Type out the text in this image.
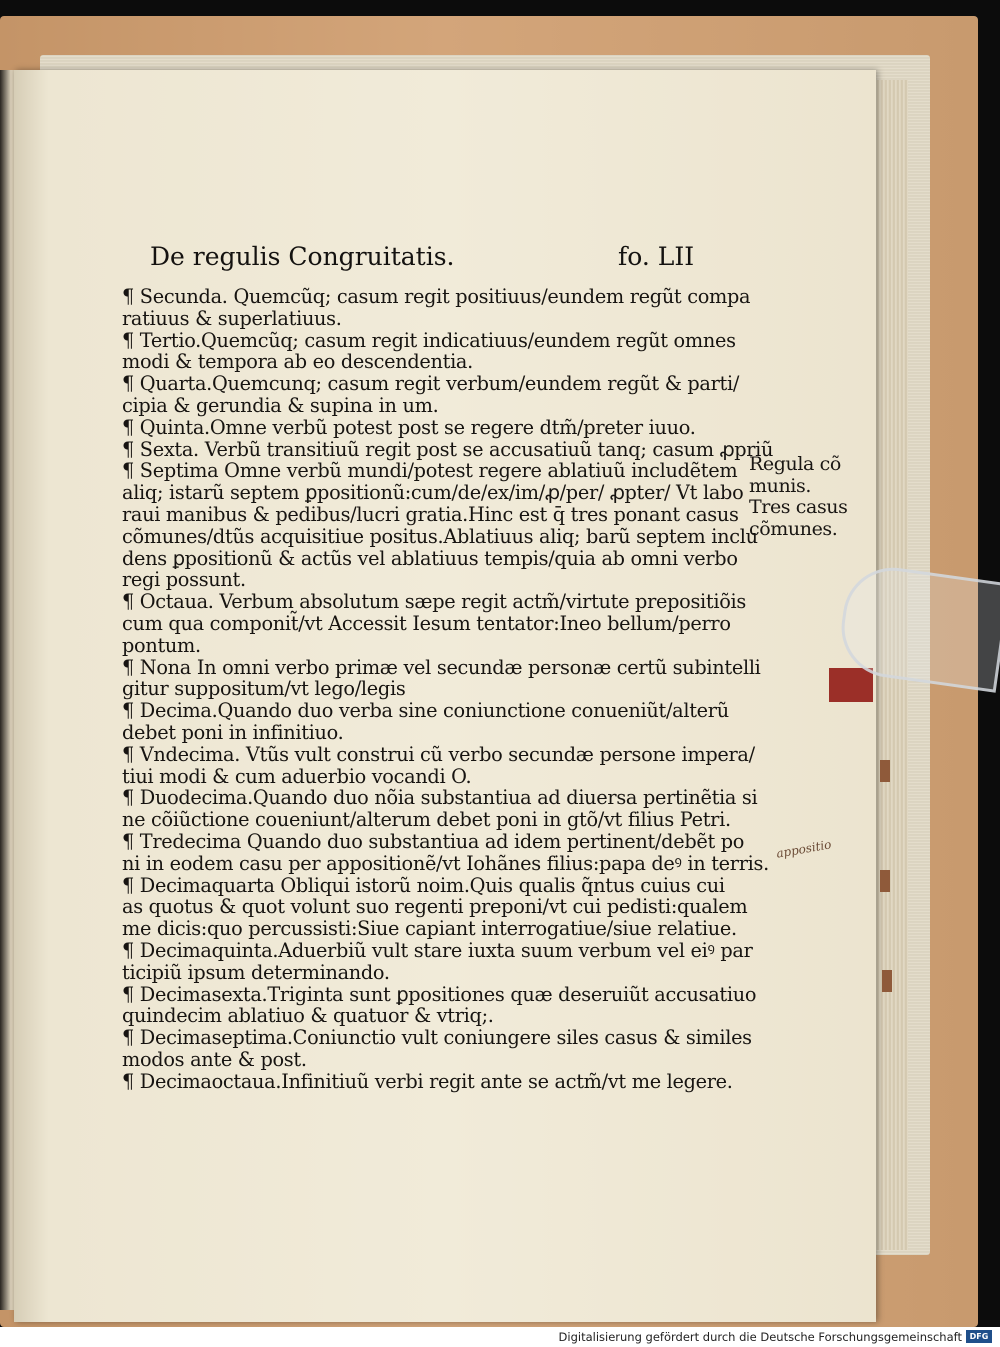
De regulis Congruitatis.	fo. LII
¶ Secunda. Quemcũq; casum regit positiuus/eundem regũt compa
ratiuus & superlatiuus.
¶ Tertio.Quemcũq; casum regit indicatiuus/eundem regũt omnes
modi & tempora ab eo descendentia.
¶ Quarta.Quemcunq; casum regit verbum/eundem regũt & parti/
cipia & gerundia & supina in um.
¶ Quinta.Omne verbũ potest post se regere dtm̃/preter iuuo.
¶ Sexta. Verbũ transitiuũ regit post se accusatiuũ tanq; casum ꝓpriũ
¶ Septima Omne verbũ mundi/potest regere ablatiuũ includẽtem
aliq; istarũ septem ꝑpositionũ:cum/de/ex/im/ꝓ/per/ ꝓpter/ Vt labo
raui manibus & pedibus/lucri gratia.Hinc est q̄ tres ponant casus
cõmunes/dtũs acquisitiue positus.Ablatiuus aliq; barũ septem inclu
dens ꝑpositionũ & actũs vel ablatiuus tempis/quia ab omni verbo
regi possunt.
¶ Octaua. Verbum absolutum sæpe regit actm̃/virtute prepositiõis
cum qua componit̃/vt Accessit Iesum tentator:Ineo bellum/perro
pontum.
¶ Nona In omni verbo primæ vel secundæ personæ certũ subintelli
gitur suppositum/vt lego/legis
¶ Decima.Quando duo verba sine coniunctione conueniũt/alterũ
debet poni in infinitiuo.
¶ Vndecima. Vtũs vult construi cũ verbo secundæ persone impera/
tiui modi & cum aduerbio vocandi O.
¶ Duodecima.Quando duo nõia substantiua ad diuersa pertinẽtia si
ne cõiũctione coueniunt/alterum debet poni in gtõ/vt filius Petri.
¶ Tredecima Quando duo substantiua ad idem pertinent/debẽt po
ni in eodem casu per appositionẽ/vt Iohãnes filius:papa deꝰ in terris.
¶ Decimaquarta Obliqui istorũ noim.Quis qualis q̃ntus cuius cui
as quotus & quot volunt suo regenti preponi/vt cui pedisti:qualem
me dicis:quo percussisti:Siue capiant interrogatiue/siue relatiue.
¶ Decimaquinta.Aduerbiũ vult stare iuxta suum verbum vel eiꝰ par
ticipiũ ipsum determinando.
¶ Decimasexta.Triginta sunt ꝑpositiones quæ deseruiũt accusatiuo
quindecim ablatiuo & quatuor & vtriq;.
¶ Decimaseptima.Coniunctio vult coniungere siles casus & similes
modos ante & post.
¶ Decimaoctaua.Infinitiuũ verbi regit ante se actm̃/vt me legere.
Regula cõ
munis.
Tres casus
cõmunes.
appositio
Digitalisierung gefördert durch die Deutsche Forschungsgemeinschaft DFG
